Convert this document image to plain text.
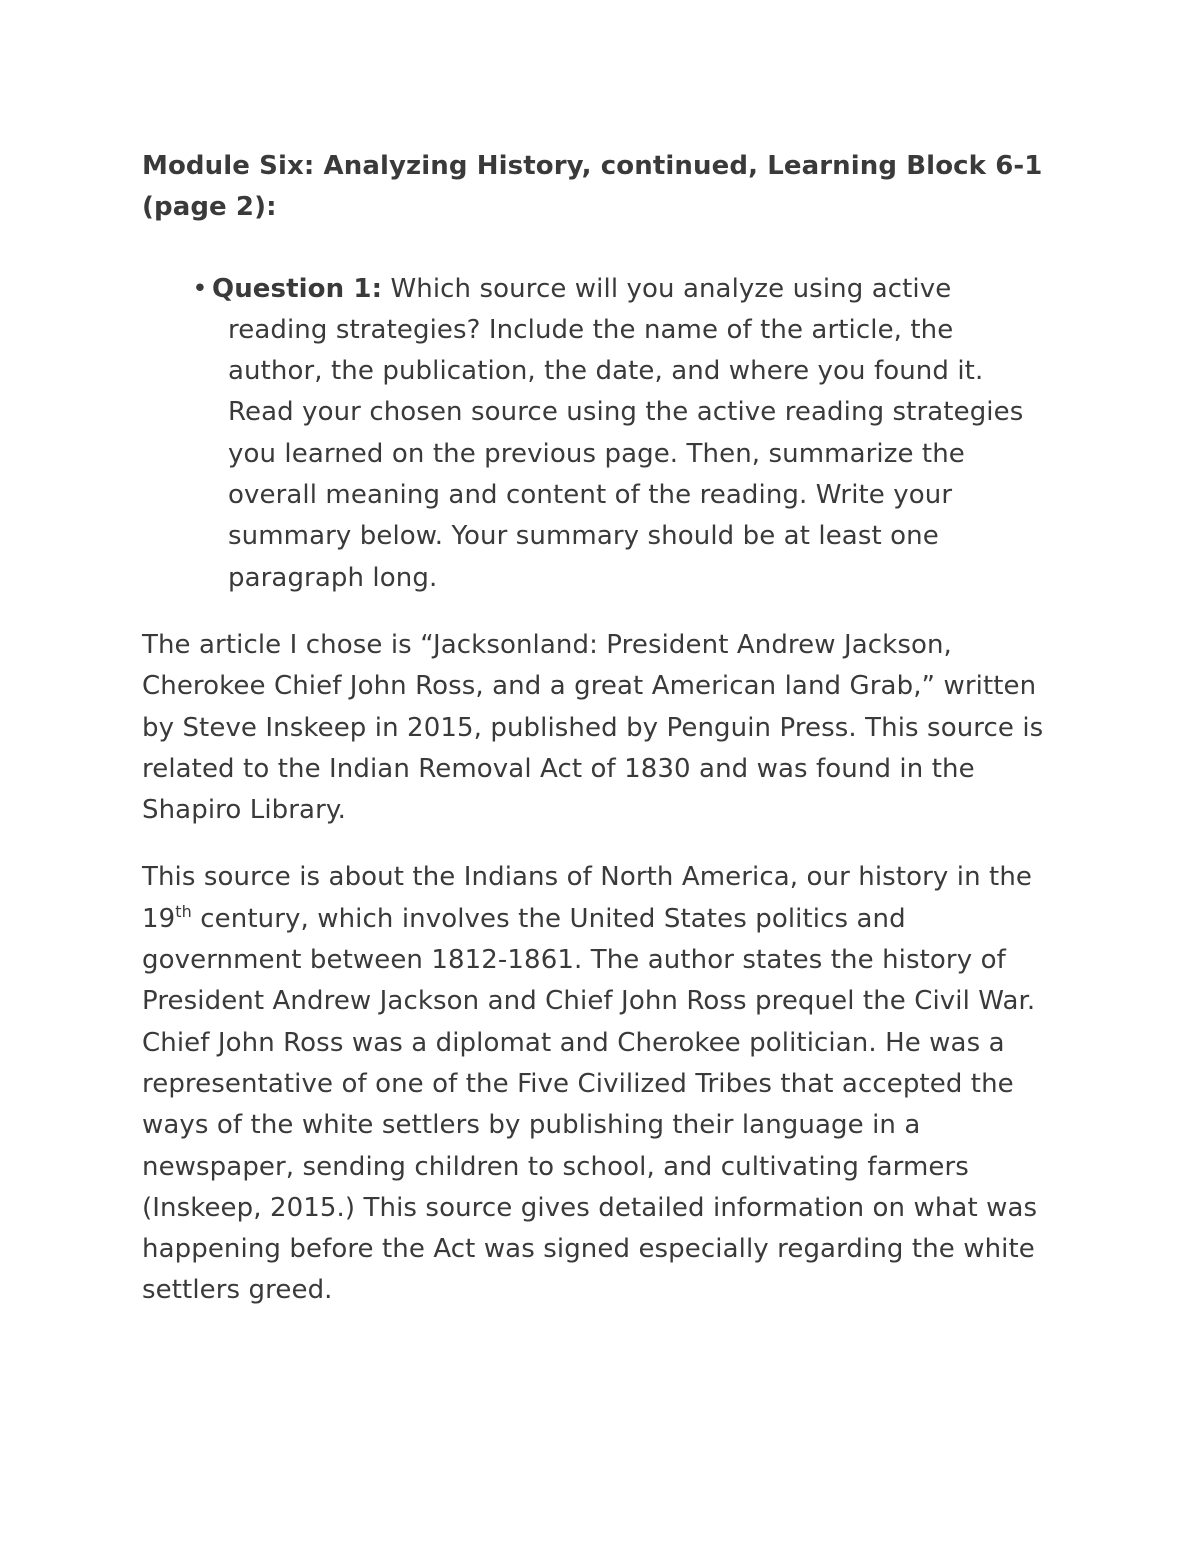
Module Six: Analyzing History, continued, Learning Block 6-1 (page 2):
• Question 1: Which source will you analyze using active reading strategies? Include the name of the article, the author, the publication, the date, and where you found it. Read your chosen source using the active reading strategies you learned on the previous page. Then, summarize the overall meaning and content of the reading. Write your summary below. Your summary should be at least one paragraph long.

The article I chose is “Jacksonland: President Andrew Jackson, Cherokee Chief John Ross, and a great American land Grab,” written by Steve Inskeep in 2015, published by Penguin Press. This source is related to the Indian Removal Act of 1830 and was found in the Shapiro Library.

This source is about the Indians of North America, our history in the 19th century, which involves the United States politics and government between 1812-1861. The author states the history of President Andrew Jackson and Chief John Ross prequel the Civil War. Chief John Ross was a diplomat and Cherokee politician. He was a representative of one of the Five Civilized Tribes that accepted the ways of the white settlers by publishing their language in a newspaper, sending children to school, and cultivating farmers (Inskeep, 2015.) This source gives detailed information on what was happening before the Act was signed especially regarding the white settlers greed.
